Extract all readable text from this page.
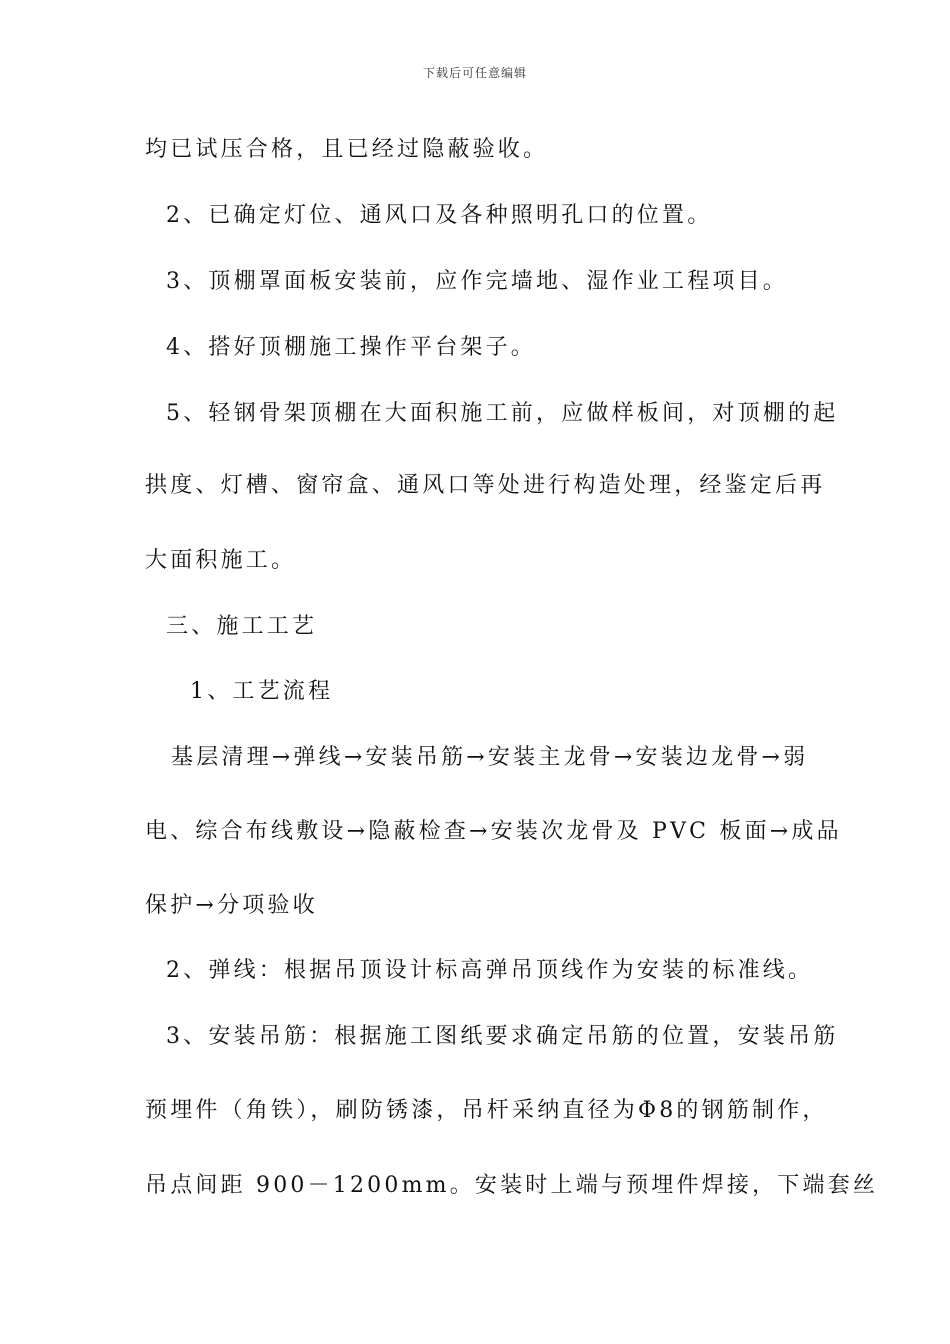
下载后可任意编辑
均已试压合格，且已经过隐蔽验收。
2、已确定灯位、通风口及各种照明孔口的位置。
3、顶棚罩面板安装前，应作完墙地、湿作业工程项目。
4、搭好顶棚施工操作平台架子。
5、轻钢骨架顶棚在大面积施工前，应做样板间，对顶棚的起
拱度、灯槽、窗帘盒、通风口等处进行构造处理，经鉴定后再
大面积施工。
三、施工工艺
1、工艺流程
基层清理→弹线→安装吊筋→安装主龙骨→安装边龙骨→弱
电、综合布线敷设→隐蔽检查→安装次龙骨及 PVC 板面→成品
保护→分项验收
2、弹线：根据吊顶设计标高弹吊顶线作为安装的标准线。
3、安装吊筋：根据施工图纸要求确定吊筋的位置，安装吊筋
预埋件（角铁），刷防锈漆，吊杆采纳直径为Φ8的钢筋制作，
吊点间距 900－1200mm。安装时上端与预埋件焊接，下端套丝
